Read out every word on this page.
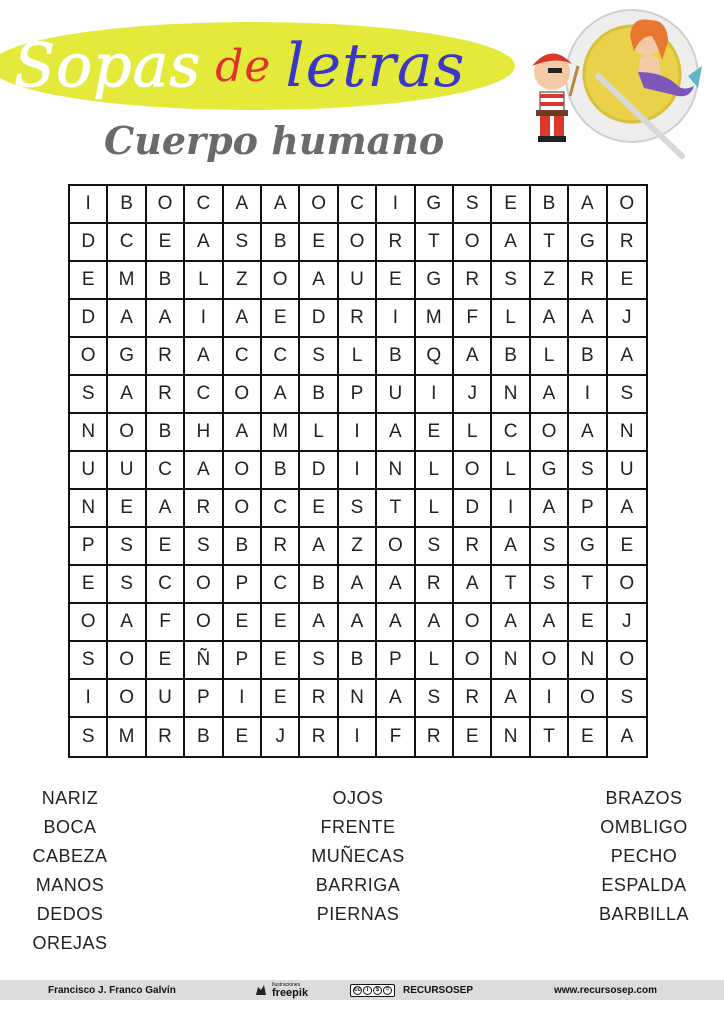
Sopas de letras
Cuerpo humano
I	B	O	C	A	A	O	C	I	G	S	E	B	A	O
D	C	E	A	S	B	E	O	R	T	O	A	T	G	R
E	M	B	L	Z	O	A	U	E	G	R	S	Z	R	E
D	A	A	I	A	E	D	R	I	M	F	L	A	A	J
O	G	R	A	C	C	S	L	B	Q	A	B	L	B	A
S	A	R	C	O	A	B	P	U	I	J	N	A	I	S
N	O	B	H	A	M	L	I	A	E	L	C	O	A	N
U	U	C	A	O	B	D	I	N	L	O	L	G	S	U
N	E	A	R	O	C	E	S	T	L	D	I	A	P	A
P	S	E	S	B	R	A	Z	O	S	R	A	S	G	E
E	S	C	O	P	C	B	A	A	R	A	T	S	T	O
O	A	F	O	E	E	A	A	A	A	O	A	A	E	J
S	O	E	Ñ	P	E	S	B	P	L	O	N	O	N	O
I	O	U	P	I	E	R	N	A	S	R	A	I	O	S
S	M	R	B	E	J	R	I	F	R	E	N	T	E	A
NARIZ
BOCA
CABEZA
MANOS
DEDOS
OREJAS
OJOS
FRENTE
MUÑECAS
BARRIGA
PIERNAS
BRAZOS
OMBLIGO
PECHO
ESPALDA
BARBILLA
Francisco J. Franco Galvín	Ilustraciones
freepik	cc i	$	= RECURSOSEP	www.recursosep.com
